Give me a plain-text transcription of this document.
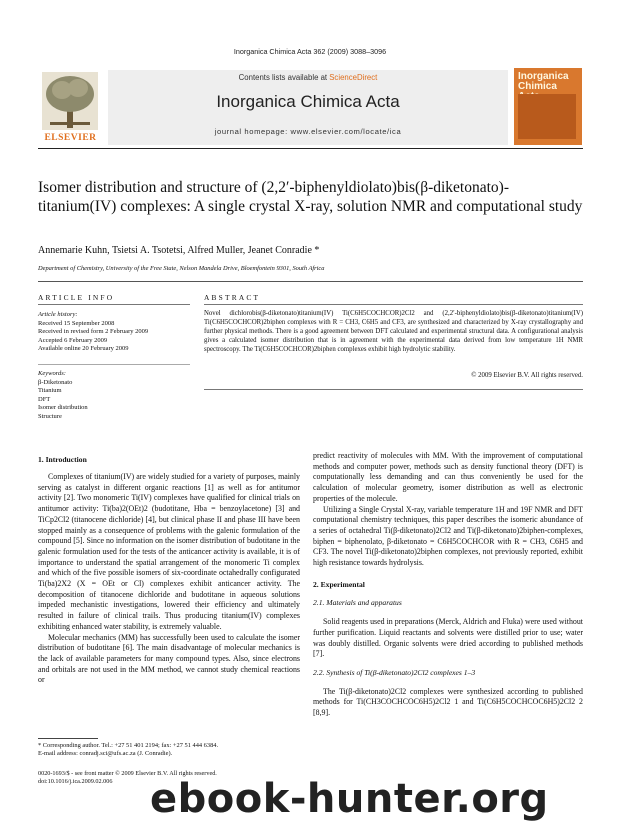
Inorganica Chimica Acta 362 (2009) 3088–3096
ELSEVIER
Contents lists available at ScienceDirect
Inorganica Chimica Acta
journal homepage: www.elsevier.com/locate/ica
Inorganica Chimica
Isomer distribution and structure of (2,2′-biphenyldiolato)bis(β-diketonato)-titanium(IV) complexes: A single crystal X-ray, solution NMR and computational study
Annemarie Kuhn, Tsietsi A. Tsotetsi, Alfred Muller, Jeanet Conradie *
Department of Chemistry, University of the Free State, Nelson Mandela Drive, Bloemfontein 9301, South Africa
ARTICLE INFO	ABSTRACT
Article history:
Received 15 September 2008
Received in revised form 2 February 2009
Accepted 6 February 2009
Available online 20 February 2009
Keywords:
β-Diketonato
Titanium
DFT
Isomer distribution
Structure
Novel dichlorobis(β-diketonato)titanium(IV) Ti(C6H5COCHCOR)2Cl2 and (2,2′-biphenyldiolato)bis(β-diketonato)titanium(IV) Ti(C6H5COCHCOR)2biphen complexes with R = CH3, C6H5 and CF3, are synthesized and characterized by X-ray crystallography and further physical methods. There is a good agreement between DFT calculated and experimental structural data. A configurational analysis gives a calculated isomer distribution that is in agreement with the experimental data derived from low temperature 1H NMR spectroscopy. The Ti(C6H5COCHCOR)2biphen complexes exhibit high hydrolytic stability.
© 2009 Elsevier B.V. All rights reserved.

1. Introduction

Complexes of titanium(IV) are widely studied for a variety of purposes, mainly serving as catalyst in different organic reactions [1] as well as for antitumor activity [2]. Two monomeric Ti(IV) complexes have qualified for clinical trials on antitumor activity: Ti(ba)2(OEt)2 (budotitane, Hba = benzoylacetone) [3] and TiCp2Cl2 (titanocene dichloride) [4], but clinical phase II and phase III have been stopped mainly as a consequence of problems with the galenic formulation of the compound [5]. Since no information on the isomer distribution of budotitane in the galenic formulation used for the tests of the anticancer activity is available, it is of importance to understand the spatial arrangement of the monomeric Ti complex and which of the five possible isomers of six-coordinate octahedrally configurated Ti(ba)2X2 (X = OEt or Cl) complexes exhibit anticancer activity. The decomposition of titanocene dichloride and budotitane in aqueous solutions impeded mechanistic investigations, lowered their efficiency and ultimately resulted in failure of clinical trails. Thus producing titanium(IV) complexes exhibiting enhanced water stability, is extremely valuable.

Molecular mechanics (MM) has successfully been used to calculate the isomer distribution of budotitane [6]. The main disadvantage of molecular mechanics is the lack of available parameters for many compound types. Also, since electrons and orbitals are not used in the MM method, we cannot study chemical reactions or

predict reactivity of molecules with MM. With the improvement of computational methods and computer power, methods such as density functional theory (DFT) is computationally less demanding and can thus conveniently be used for the calculation of molecular geometry, isomer distribution as well as electronic properties of the molecule.

Utilizing a Single Crystal X-ray, variable temperature 1H and 19F NMR and DFT computational chemistry techniques, this paper describes the isomeric abundance of a series of octahedral Ti(β-diketonato)2Cl2 and Ti(β-diketonato)2biphen-complexes, biphen = biphenolato, β-diketonato = C6H5COCHCOR with R = CH3, C6H5 and CF3. The novel Ti(β-diketonato)2biphen complexes, not previously reported, exhibit high resistance towards hydrolysis.

2. Experimental

2.1. Materials and apparatus

Solid reagents used in preparations (Merck, Aldrich and Fluka) were used without further purification. Liquid reactants and solvents were distilled prior to use; water was doubly distilled. Organic solvents were dried according to published methods [7].

2.2. Synthesis of Ti(β-diketonato)2Cl2 complexes 1–3

The Ti(β-diketonato)2Cl2 complexes were synthesized according to published methods for Ti(CH3COCHCOC6H5)2Cl2 1 and Ti(C6H5COCHCOC6H5)2Cl2 2 [8,9].

* Corresponding author. Tel.: +27 51 401 2194; fax: +27 51 444 6384.
E-mail address: conradj.sci@ufs.ac.za (J. Conradie).
0020-1693/$ - see front matter © 2009 Elsevier B.V. All rights reserved.
doi:10.1016/j.ica.2009.02.006 ebook-hunter.org
